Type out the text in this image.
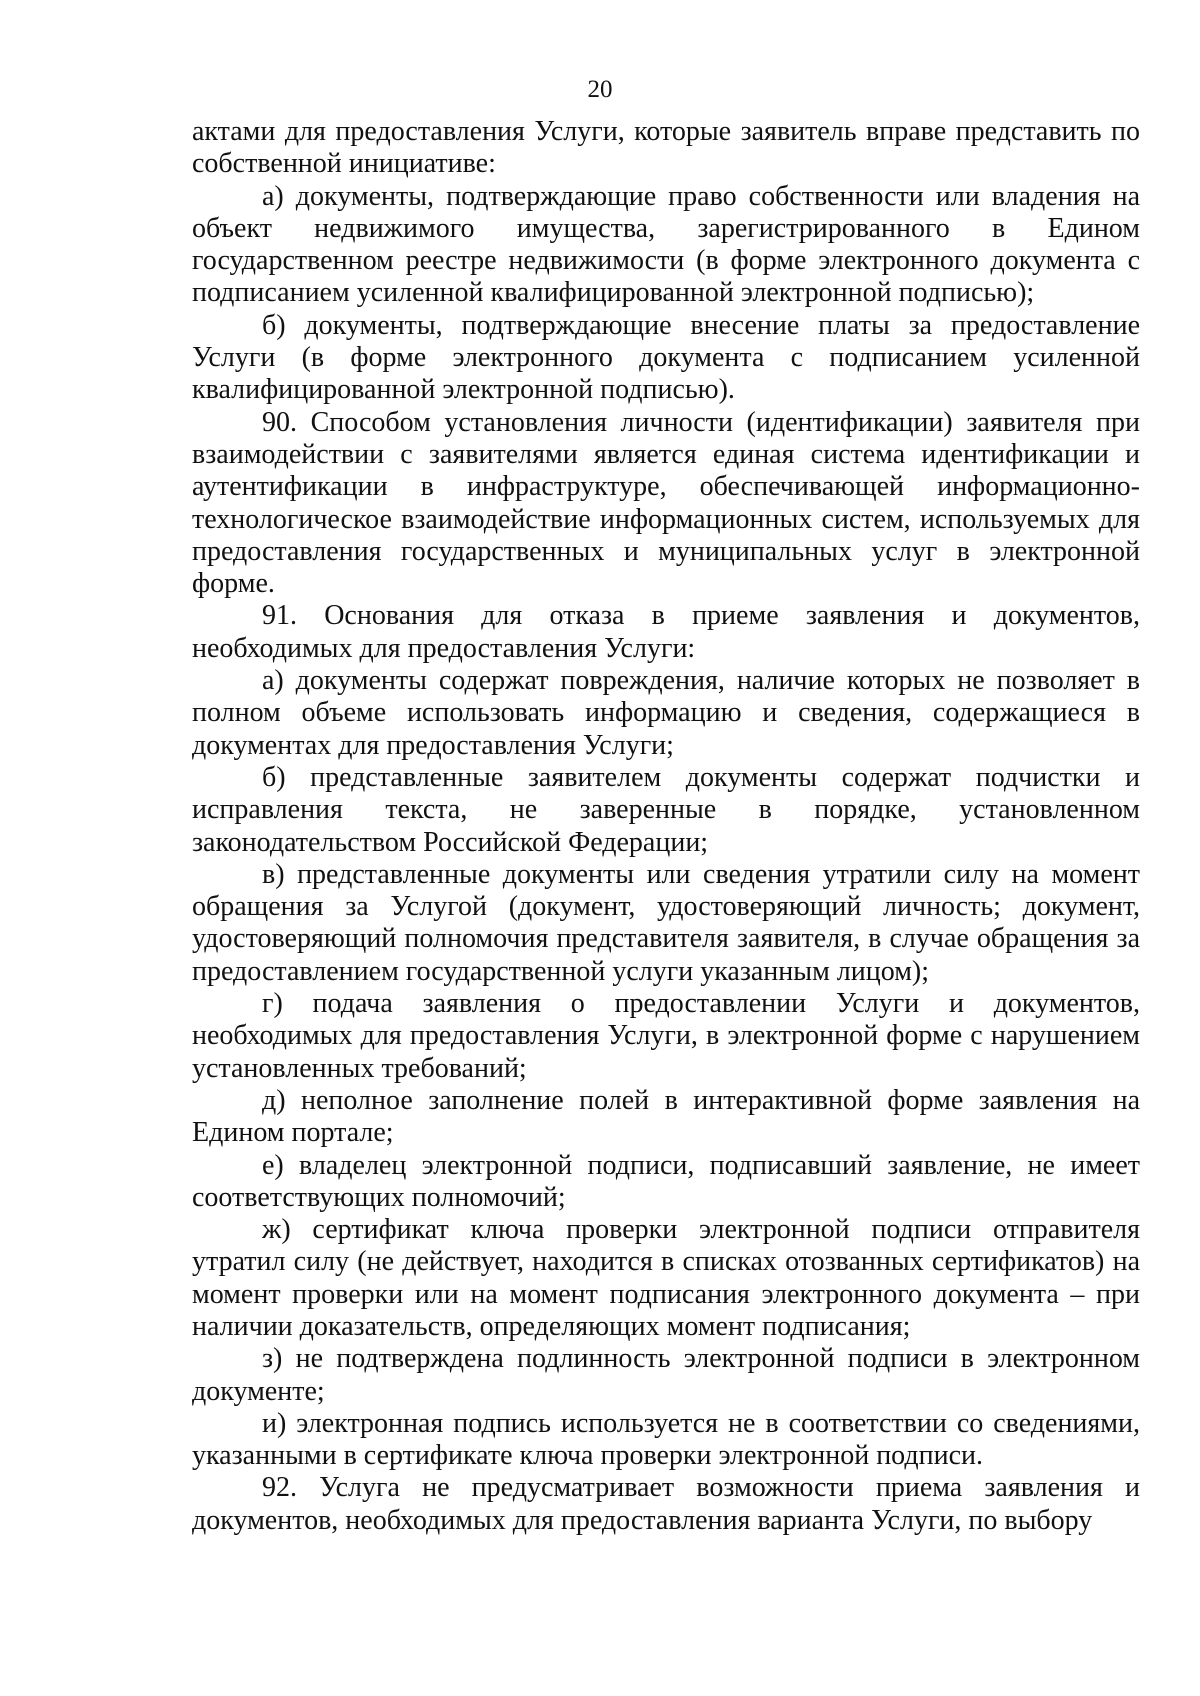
20

актами для предоставления Услуги, которые заявитель вправе представить по собственной инициативе:

а) документы, подтверждающие право собственности или владения на объект недвижимого имущества, зарегистрированного в Едином государственном реестре недвижимости (в форме электронного документа с подписанием усиленной квалифицированной электронной подписью);

б) документы, подтверждающие внесение платы за предоставление Услуги (в форме электронного документа с подписанием усиленной квалифицированной электронной подписью).

90. Способом установления личности (идентификации) заявителя при взаимодействии с заявителями является единая система идентификации и аутентификации в инфраструктуре, обеспечивающей информационно-технологическое взаимодействие информационных систем, используемых для предоставления государственных и муниципальных услуг в электронной форме.

91. Основания для отказа в приеме заявления и документов, необходимых для предоставления Услуги:

а) документы содержат повреждения, наличие которых не позволяет в полном объеме использовать информацию и сведения, содержащиеся в документах для предоставления Услуги;

б) представленные заявителем документы содержат подчистки и исправления текста, не заверенные в порядке, установленном законодательством Российской Федерации;

в) представленные документы или сведения утратили силу на момент обращения за Услугой (документ, удостоверяющий личность; документ, удостоверяющий полномочия представителя заявителя, в случае обращения за предоставлением государственной услуги указанным лицом);

г) подача заявления о предоставлении Услуги и документов, необходимых для предоставления Услуги, в электронной форме с нарушением установленных требований;

д) неполное заполнение полей в интерактивной форме заявления на Едином портале;

е) владелец электронной подписи, подписавший заявление, не имеет соответствующих полномочий;

ж) сертификат ключа проверки электронной подписи отправителя утратил силу (не действует, находится в списках отозванных сертификатов) на момент проверки или на момент подписания электронного документа – при наличии доказательств, определяющих момент подписания;

з) не подтверждена подлинность электронной подписи в электронном документе;

и) электронная подпись используется не в соответствии со сведениями, указанными в сертификате ключа проверки электронной подписи.

92. Услуга не предусматривает возможности приема заявления и документов, необходимых для предоставления варианта Услуги, по выбору
